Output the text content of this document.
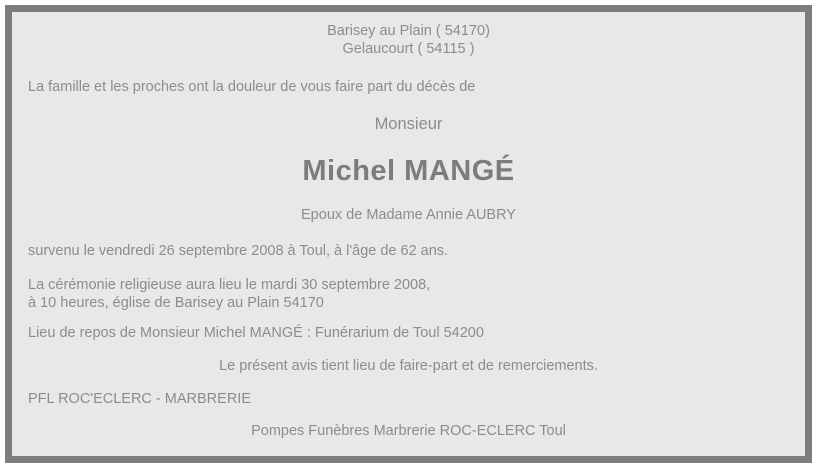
Barisey au Plain ( 54170)
Gelaucourt ( 54115 )
La famille et les proches ont la douleur de vous faire part du décès de
Monsieur
Michel MANGÉ
Epoux de Madame Annie AUBRY
survenu le vendredi 26 septembre 2008 à Toul, à l'âge de 62 ans.
La cérémonie religieuse aura lieu le mardi 30 septembre 2008,
à 10 heures, église de Barisey au Plain 54170
Lieu de repos de Monsieur Michel MANGÉ : Funérarium de Toul 54200
Le présent avis tient lieu de faire-part et de remerciements.
PFL ROC'ECLERC - MARBRERIE
Pompes Funèbres Marbrerie ROC-ECLERC Toul
